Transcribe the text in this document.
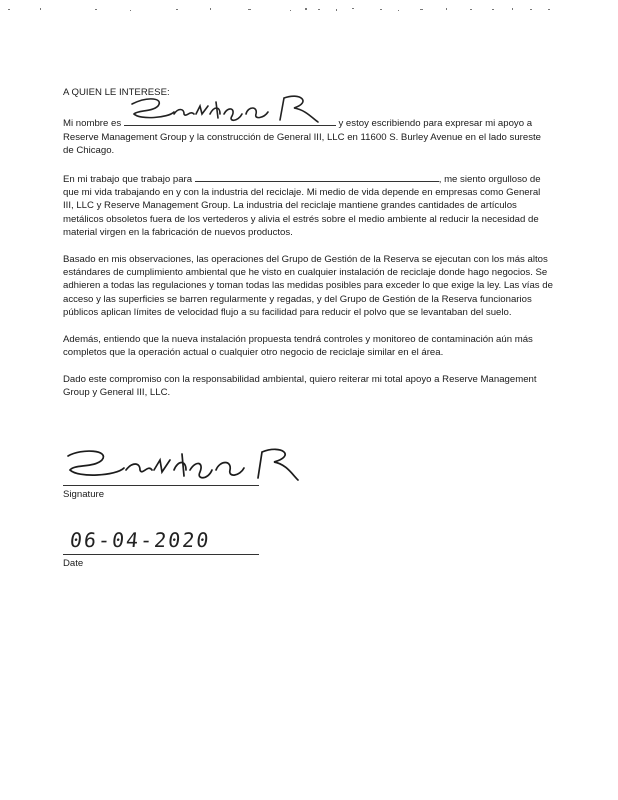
A QUIEN LE INTERESE:

Mi nombre es	y estoy escribiendo para expresar mi apoyo a Reserve Management Group y la construcción de General III, LLC en 11600 S. Burley Avenue en el lado sureste de Chicago.

En mi trabajo que trabajo para	, me siento orgulloso de que mi vida trabajando en y con la industria del reciclaje. Mi medio de vida depende en empresas como General III, LLC y Reserve Management Group. La industria del reciclaje mantiene grandes cantidades de artículos metálicos obsoletos fuera de los vertederos y alivia el estrés sobre el medio ambiente al reducir la necesidad de material virgen en la fabricación de nuevos productos.

Basado en mis observaciones, las operaciones del Grupo de Gestión de la Reserva se ejecutan con los más altos estándares de cumplimiento ambiental que he visto en cualquier instalación de reciclaje donde hago negocios. Se adhieren a todas las regulaciones y toman todas las medidas posibles para exceder lo que exige la ley. Las vías de acceso y las superficies se barren regularmente y regadas, y del Grupo de Gestión de la Reserva funcionarios públicos aplican límites de velocidad flujo a su facilidad para reducir el polvo que se levantaban del suelo.

Además, entiendo que la nueva instalación propuesta tendrá controles y monitoreo de contaminación aún más completos que la operación actual o cualquier otro negocio de reciclaje similar en el área.

Dado este compromiso con la responsabilidad ambiental, quiero reiterar mi total apoyo a Reserve Management Group y General III, LLC.

Signature
Date
06-04-2020
